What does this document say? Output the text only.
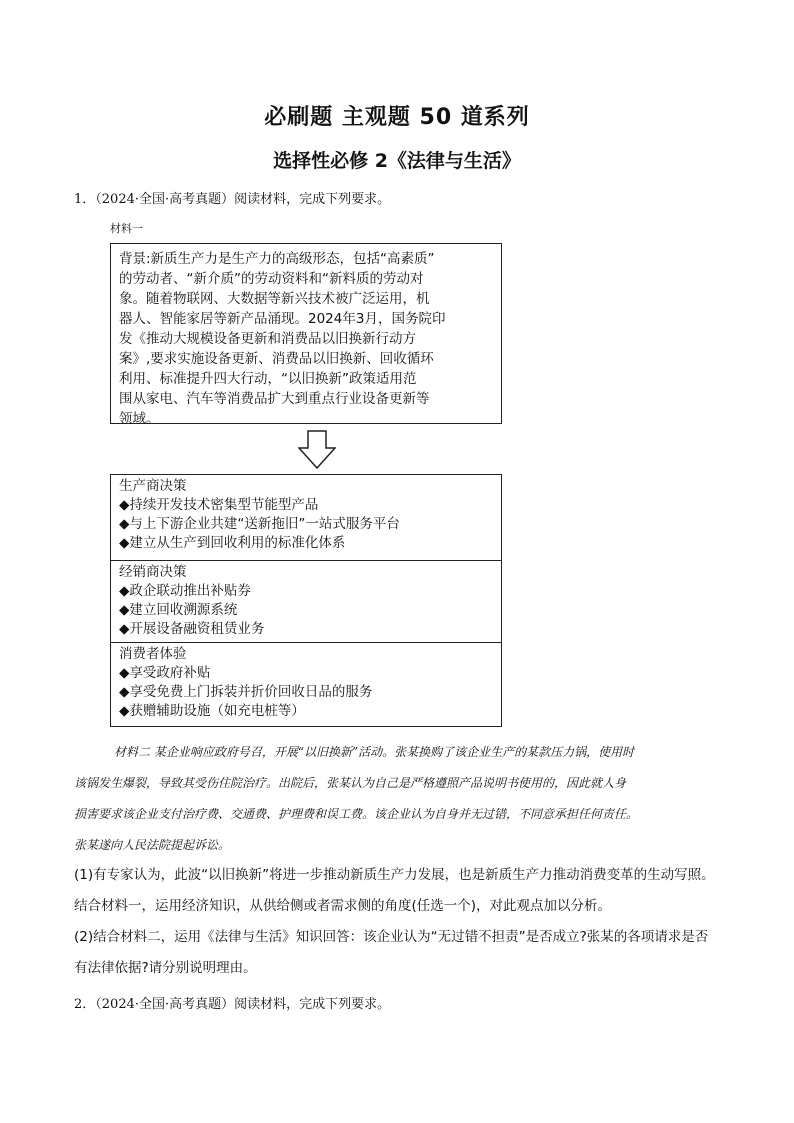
必刷题 主观题 50 道系列
选择性必修 2《法律与生活》
1．（2024·全国·高考真题）阅读材料，完成下列要求。
材料一
背景:新质生产力是生产力的高级形态，包括“高素质”
的劳动者、“新介质”的劳动资料和“新料质的劳动对
象。随着物联网、大数据等新兴技术被广泛运用，机
器人、智能家居等新产品涌现。2024年3月，国务院印
发《推动大规模设备更新和消费品以旧换新行动方
案》,要求实施设备更新、消费品以旧换新、回收循环
利用、标准提升四大行动，“以旧换新”政策适用范
围从家电、汽车等消费品扩大到重点行业设备更新等
领域。
生产商决策
◆持续开发技术密集型节能型产品
◆与上下游企业共建“送新拖旧”一站式服务平台
◆建立从生产到回收利用的标准化体系
经销商决策
◆政企联动推出补贴券
◆建立回收溯源系统
◆开展设备融资租赁业务
消费者体验
◆享受政府补贴
◆享受免费上门拆装并折价回收日品的服务
◆获赠辅助设施（如充电桩等）
材料二 某企业响应政府号召，开展“以旧换新”活动。张某换购了该企业生产的某款压力锅，使用时
该锅发生爆裂，导致其受伤住院治疗。出院后，张某认为自己是严格遵照产品说明书使用的，因此就人身
损害要求该企业支付治疗费、交通费、护理费和误工费。该企业认为自身并无过错，不同意承担任何责任。
张某遂向人民法院提起诉讼。
(1)有专家认为，此波“以旧换新”将进一步推动新质生产力发展，也是新质生产力推动消费变革的生动写照。
结合材料一，运用经济知识，从供给侧或者需求侧的角度(任选一个)，对此观点加以分析。
(2)结合材料二，运用《法律与生活》知识回答：该企业认为“无过错不担责”是否成立?张某的各项请求是否
有法律依据?请分别说明理由。
2．（2024·全国·高考真题）阅读材料，完成下列要求。
